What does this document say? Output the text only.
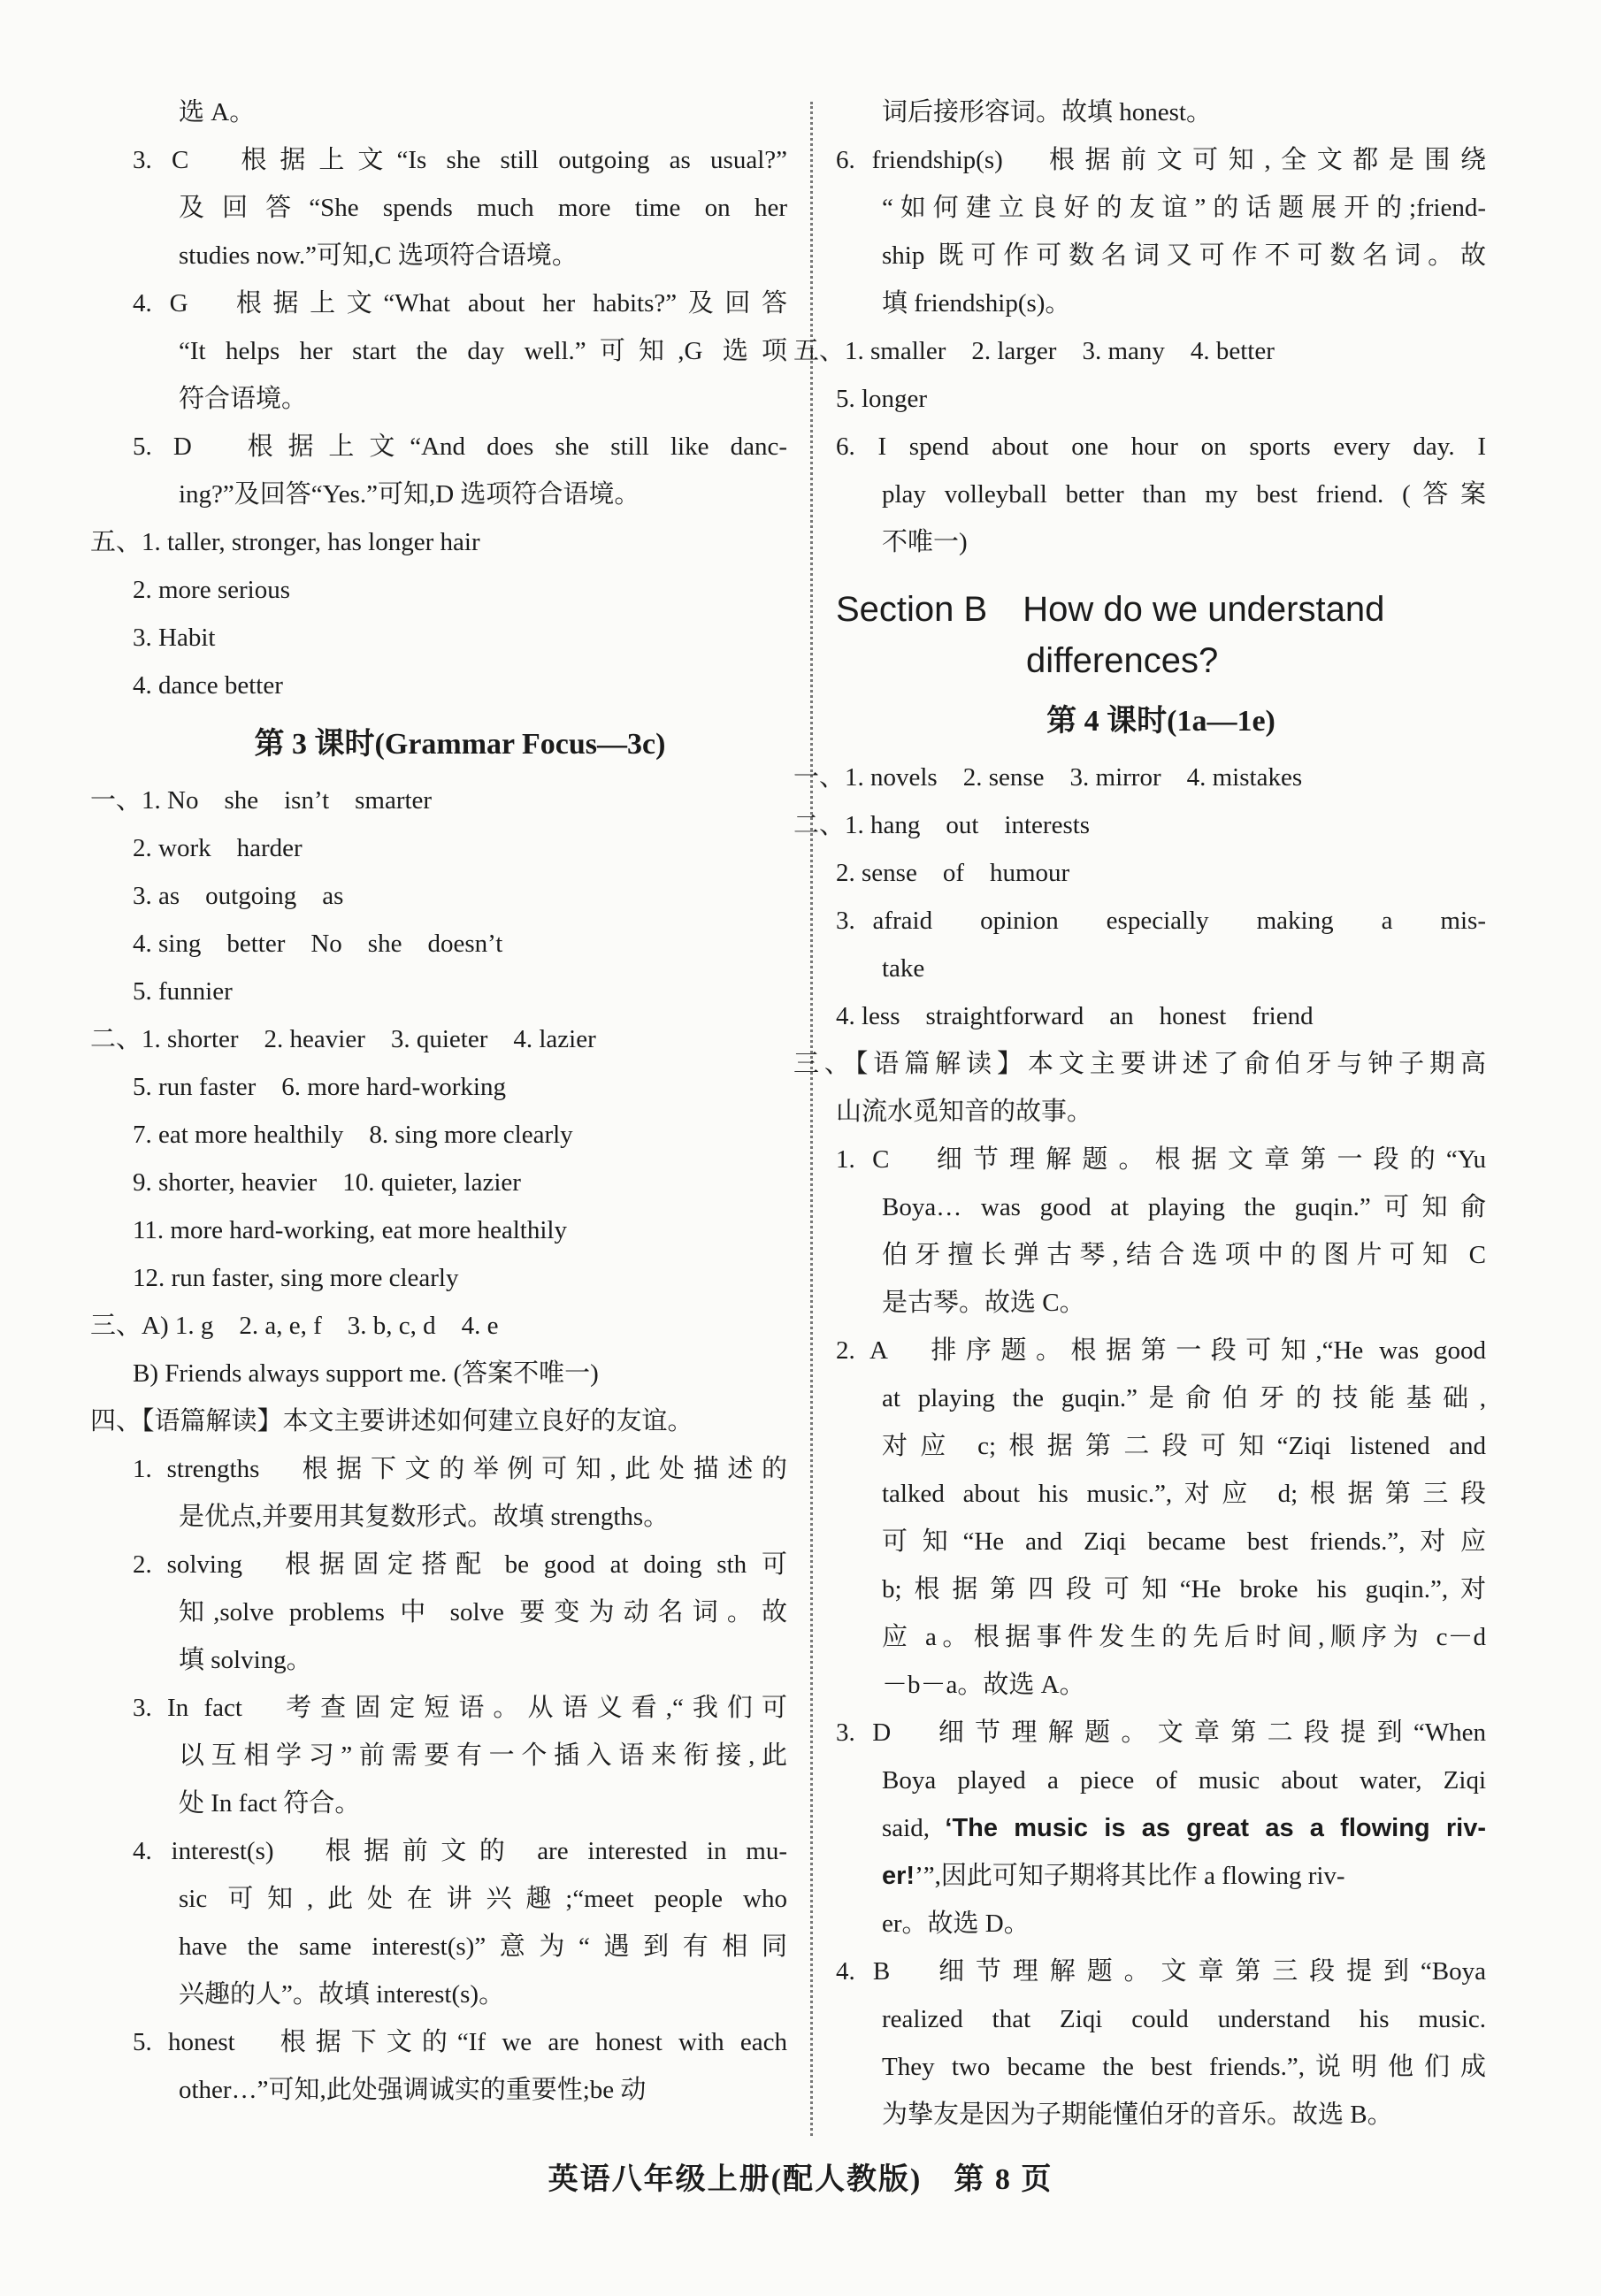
选 A。
3. C　根据上文“Is she still outgoing as usual?”
及回答“She spends much more time on her
studies now.”可知,C 选项符合语境。
4. G　根据上文“What about her habits?”及回答
“It helps her start the day well.”可知,G 选项
符合语境。
5. D　根据上文“And does she still like danc-
ing?”及回答“Yes.”可知,D 选项符合语境。
五、1. taller, stronger, has longer hair
2. more serious
3. Habit
4. dance better
第 3 课时(Grammar Focus—3c)
一、1. No　she　isn’t　smarter
2. work　harder
3. as　outgoing　as
4. sing　better　No　she　doesn’t
5. funnier
二、1. shorter　2. heavier　3. quieter　4. lazier
5. run faster　6. more hard-working
7. eat more healthily　8. sing more clearly
9. shorter, heavier　10. quieter, lazier
11. more hard-working, eat more healthily
12. run faster, sing more clearly
三、A) 1. g　2. a, e, f　3. b, c, d　4. e
B) Friends always support me. (答案不唯一)
四、【语篇解读】本文主要讲述如何建立良好的友谊。
1. strengths　根据下文的举例可知,此处描述的
是优点,并要用其复数形式。故填 strengths。
2. solving　根据固定搭配 be good at doing sth 可
知,solve problems 中 solve 要变为动名词。故
填 solving。
3. In fact　考查固定短语。从语义看,“我们可
以互相学习”前需要有一个插入语来衔接,此
处 In fact 符合。
4. interest(s)　根据前文的 are interested in mu-
sic 可知,此处在讲兴趣;“meet people who
have the same interest(s)”意为“遇到有相同
兴趣的人”。故填 interest(s)。
5. honest　根据下文的“If we are honest with each
other…”可知,此处强调诚实的重要性;be 动
词后接形容词。故填 honest。
6. friendship(s)　根据前文可知,全文都是围绕
“如何建立良好的友谊”的话题展开的;friend-
ship 既可作可数名词又可作不可数名词。故
填 friendship(s)。
五、1. smaller　2. larger　3. many　4. better
5. longer
6. I spend about one hour on sports every day. I
play volleyball better than my best friend. (答案
不唯一)
Section B　How do we understand
differences?
第 4 课时(1a—1e)
一、1. novels　2. sense　3. mirror　4. mistakes
二、1. hang　out　interests
2. sense　of　humour
3. afraid　opinion　especially　making　a　mis-
take
4. less　straightforward　an　honest　friend
三、【语篇解读】本文主要讲述了俞伯牙与钟子期高
山流水觅知音的故事。
1. C　细节理解题。根据文章第一段的“Yu
Boya… was good at playing the guqin.”可知俞
伯牙擅长弹古琴,结合选项中的图片可知 C
是古琴。故选 C。
2. A　排序题。根据第一段可知,“He was good
at playing the guqin.”是俞伯牙的技能基础,
对应 c;根据第二段可知“Ziqi listened and
talked about his music.”,对应 d;根据第三段
可知“He and Ziqi became best friends.”,对应
b;根据第四段可知“He broke his guqin.”,对
应 a。根据事件发生的先后时间,顺序为 c－d
－b－a。故选 A。
3. D　细节理解题。文章第二段提到“When
Boya played a piece of music about water, Ziqi
said, ‘The music is as great as a flowing riv-
er!’”,因此可知子期将其比作 a flowing riv-
er。故选 D。
4. B　细节理解题。文章第三段提到“Boya
realized that Ziqi could understand his music.
They two became the best friends.”,说明他们成
为挚友是因为子期能懂伯牙的音乐。故选 B。
英语八年级上册(配人教版)　第 8 页
